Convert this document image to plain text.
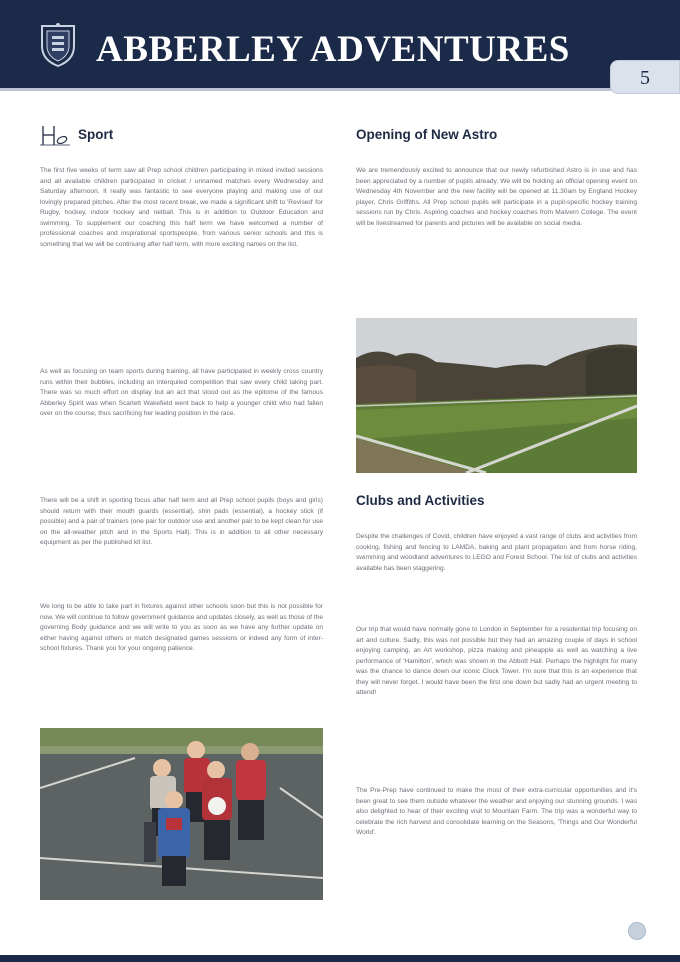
ABBERLEY ADVENTURES
5
Sport

The first five weeks of term saw all Prep school children participating in mixed invited sessions and all available children participated in cricket / unnamed matches every Wednesday and Saturday afternoon. It really was fantastic to see everyone playing and making use of our lovingly prepared pitches. After the most recent break, we made a significant shift to 'Revised' for Rugby, hockey, indoor hockey and netball. This is in addition to Outdoor Education and swimming. To supplement our coaching this half term we have welcomed a number of professional coaches and inspirational sportspeople, from various senior schools and this is something that we will be continuing after half term, with more exciting names on the list.

As well as focusing on team sports during training, all have participated in weekly cross country runs within their bubbles, including an interquiled competition that saw every child taking part. There was so much effort on display but an act that stood out as the epitome of the famous Abberley Spirit was when Scarlett Wakefield went back to help a younger child who had fallen over on the course, thus sacrificing her leading position in the race.

There will be a shift in sporting focus after half term and all Prep school pupils (boys and girls) should return with their mouth guards (essential), shin pads (essential), a hockey stick (if possible) and a pair of trainers (one pair for outdoor use and another pair to be kept clean for use on the all-weather pitch and in the Sports Hall). This is in addition to all other necessary equipment as per the published kit list.

We long to be able to take part in fixtures against other schools soon but this is not possible for now. We will continue to follow government guidance and updates closely, as well as those of the governing Body guidance and we will write to you as soon as we have any further update on either having against others or match designated games sessions or indeed any form of inter-school fixtures. Thank you for your ongoing patience.

Opening of New Astro

We are tremendously excited to announce that our newly refurbished Astro is in use and has been appreciated by a number of pupils already. We will be holding an official opening event on Wednesday 4th November and the new facility will be opened at 11.30am by England Hockey player, Chris Griffiths. All Prep school pupils will participate in a pupil-specific hockey training sessions run by Chris. Aspiring coaches and hockey coaches from Malvern College. The event will be livestreamed for parents and pictures will be available on social media.

Clubs and Activities

Despite the challenges of Covid, children have enjoyed a vast range of clubs and activities from cooking, fishing and fencing to LAMDA, baking and plant propagation and from horse riding, swimming and woodland adventures to LEGO and Forest School. The list of clubs and activities available has been staggering.

Our trip that would have normally gone to London in September for a residential trip focusing on art and culture. Sadly, this was not possible but they had an amazing couple of days in school enjoying camping, an Art workshop, pizza making and pineapple as well as watching a live performance of 'Hamilton', which was shown in the Abbott Hall. Perhaps the highlight for many was the chance to dance down our iconic Clock Tower. I'm sure that this is an experience that they will never forget. I would have been the first one down but sadly had an urgent meeting to attend!

The Pre-Prep have continued to make the most of their extra-curricular opportunities and it's been great to see them outside whatever the weather and enjoying our stunning grounds. I was also delighted to hear of their exciting visit to Mountain Farm. The trip was a wonderful way to celebrate the rich harvest and consolidate learning on the Seasons, 'Things and Our Wonderful World'.
